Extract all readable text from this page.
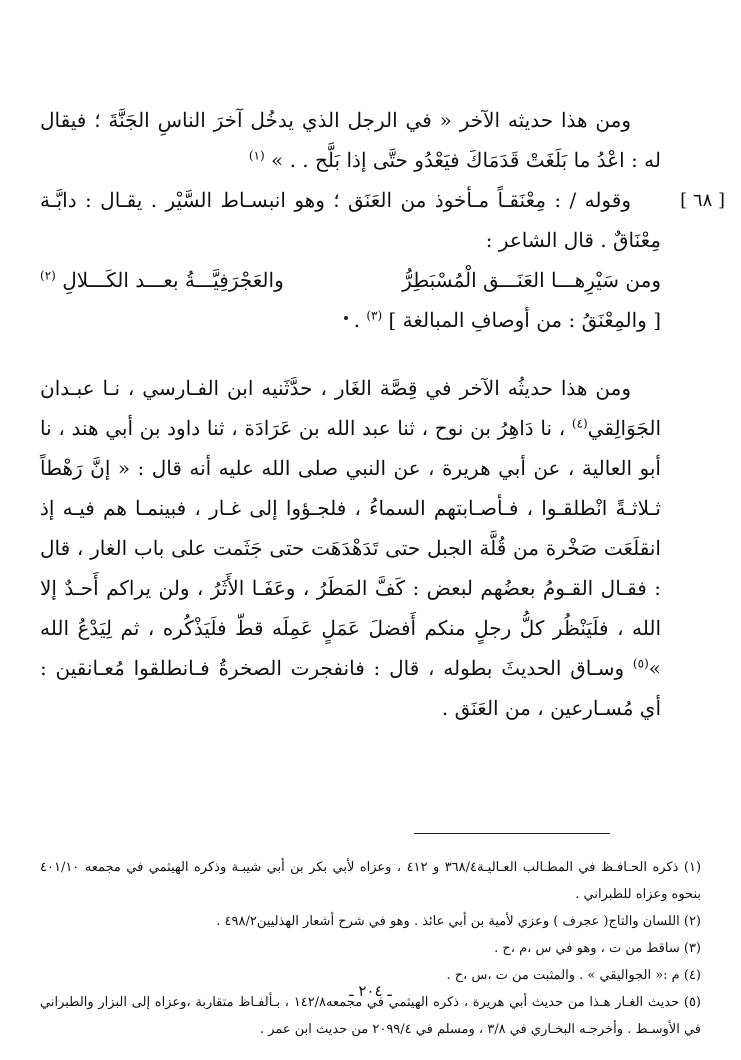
[ ٦٨ ]

ومن هذا حديثه الآخر « في الرجل الذي يدخُل آخرَ الناسِ الجَنَّةَ ؛ فيقال له : اعْدُ ما بَلَغَتْ قَدَمَاكَ فيَعْدُو حتَّى إذا بَلَّح . . » $^{(١)}$

وقوله / : مِعْنَقـاً مـأخوذ من العَنَق ؛ وهو انبسـاط السَّيْر . يقـال : دابَّـة مِعْنَاقٌ . قال الشاعر :

ومن سَيْرِهـــا العَنَـــق الْمُسْبَطِرُّ
والعَجْرَفِيَّـــةُ بعـــد الكَـــلالِ $^{(٢)}$

[ والمِعْنَقُ : من أوصافِ المبالغة ] $^{(٣)}$ .

ومن هذا حديثُه الآخر في قِصَّة الغَار ، حدَّثَنيه ابن الفـارسي ، نـا عبـدان الجَوَالِقي$^{(٤)}$ ، نا دَاهِرُ بن نوح ، ثنا عبد الله بن عَرَادَة ، ثنا داود بن أبي هند ، نا أبو العالية ، عن أبي هريرة ، عن النبي صلى الله عليه أنه قال : « إنَّ رَهْطاً ثـلاثـةً انْطلقـوا ، فـأصـابتهم السماءُ ، فلجـؤوا إلى غـار ، فبينمـا هم فيـه إذ انقلَعَت صَخْرة من قُلَّة الجبل حتى تَدَهْدَهَت حتى جَثَمت على باب الغار ، قال : فقـال القـومُ بعضُهم لبعض : كَفَّ المَطَرُ ، وعَفَـا الأَثَرُ ، ولن يراكم أَحـدٌ إلا الله ، فلَيَنْظُر كلُّ رجلٍ منكم أَفضلَ عَمَلٍ عَمِلَه قطّ فلَيَذْكُره ، ثم لِيَدْعُ الله »$^{(٥)}$ وسـاق الحديثَ بطوله ، قال : فانفجرت الصخرةُ فـانطلقوا مُعـانقين : أي مُسـارعين ، من العَنَق .

(١) ذكره الحـافـظ في المطـالب العـاليـة٣٦٨/٤ و ٤١٢ ، وعزاه لأبي بكر بن أبي شيبـة وذكره الهيثمي في مجمعه ٤٠١/١٠ بنحوه وعزاه للطبراني .

(٢) اللسان والتاج( عجرف ) وعزي لأمية بن أبي عائذ . وهو في شرح أشعار الهذليين٤٩٨/٢ .

(٣) ساقط من ت ، وهو في س ،م ،ح .

(٤) م :« الجواليقي » . والمثبت من ت ،س ،ح .

(٥) حديث الغـار هـذا من حديث أبي هريرة ، ذكره الهيثمي في مجمعه١٤٢/٨ ، بـألفـاظ متقاربة ،وعزاه إلى البزار والطبراني في الأوسـط . وأخرجـه البخـاري في ٣/٨ ، ومسلم في ٢٠٩٩/٤ من حديث ابن عمر .

ـ ٢٠٤ ـ
